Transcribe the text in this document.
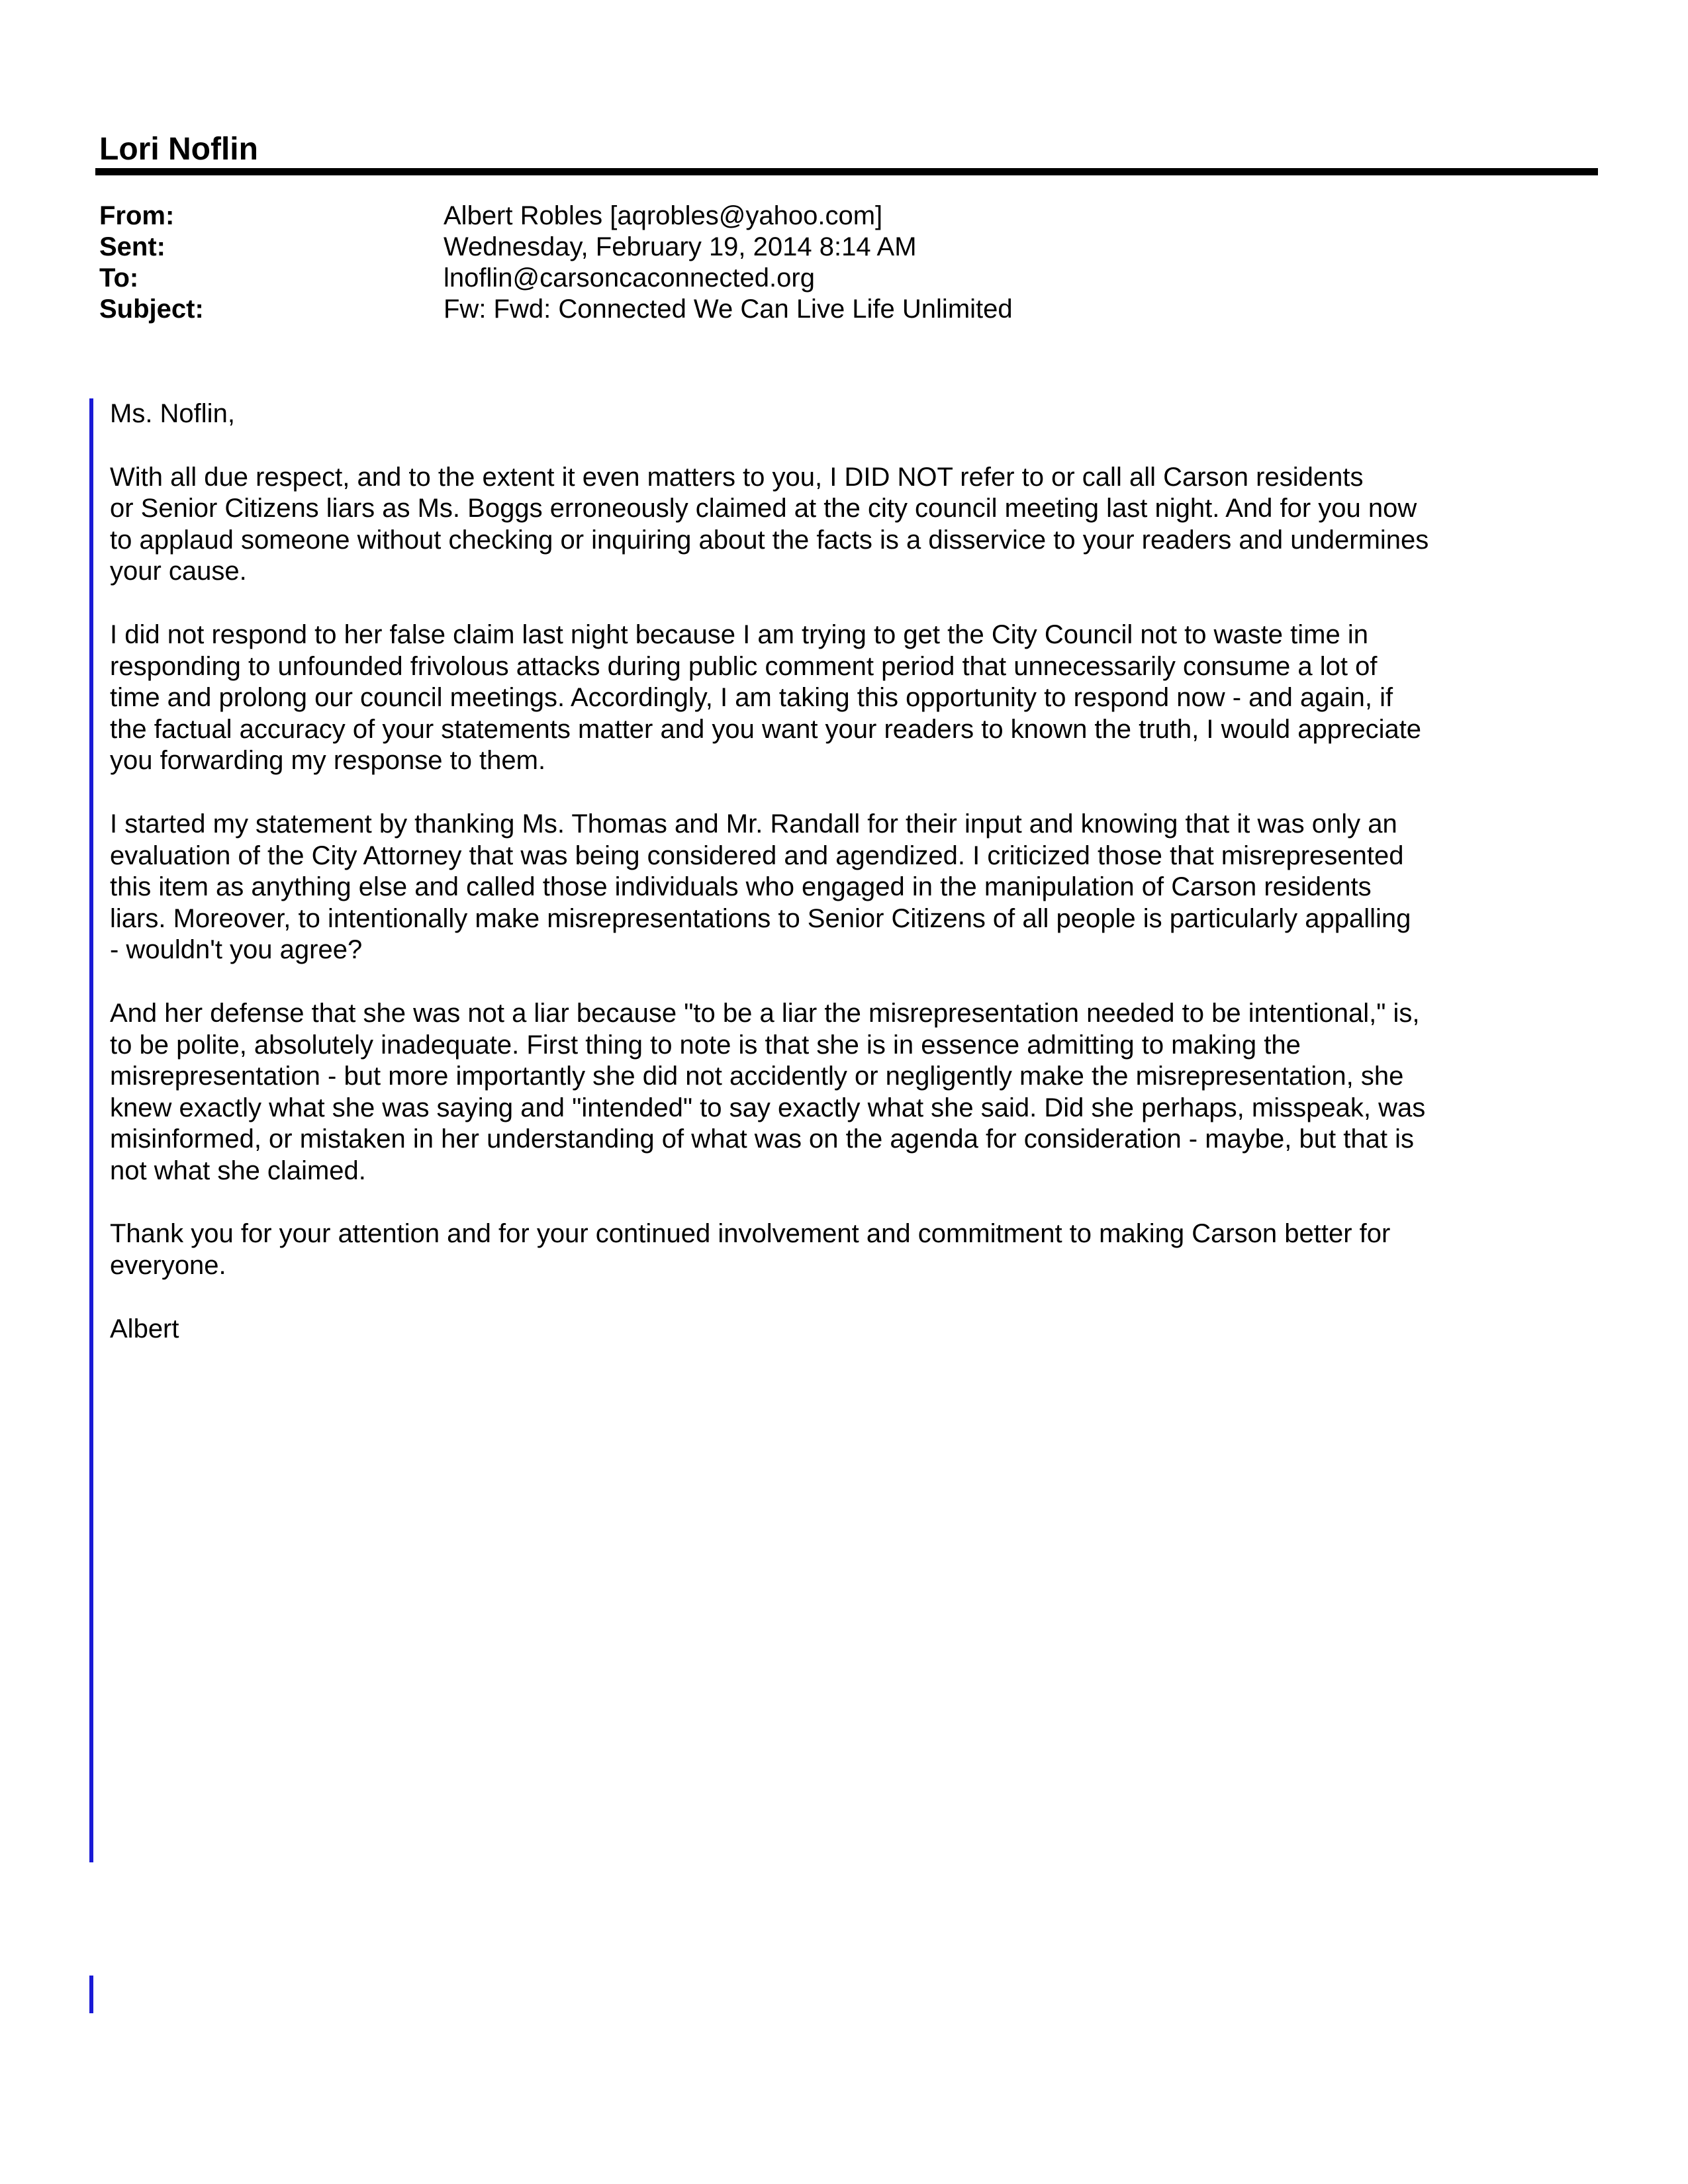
Lori Noflin
From:	Albert Robles [aqrobles@yahoo.com]
Sent:	Wednesday, February 19, 2014 8:14 AM
To:	lnoflin@carsoncaconnected.org
Subject:	Fw: Fwd: Connected We Can Live Life Unlimited

Ms. Noflin,

With all due respect, and to the extent it even matters to you, I DID NOT refer to or call all Carson residents
or Senior Citizens liars as Ms. Boggs erroneously claimed at the city council meeting last night. And for you now
to applaud someone without checking or inquiring about the facts is a disservice to your readers and undermines
your cause.

I did not respond to her false claim last night because I am trying to get the City Council not to waste time in
responding to unfounded frivolous attacks during public comment period that unnecessarily consume a lot of
time and prolong our council meetings. Accordingly, I am taking this opportunity to respond now - and again, if
the factual accuracy of your statements matter and you want your readers to known the truth, I would appreciate
you forwarding my response to them.

I started my statement by thanking Ms. Thomas and Mr. Randall for their input and knowing that it was only an
evaluation of the City Attorney that was being considered and agendized. I criticized those that misrepresented
this item as anything else and called those individuals who engaged in the manipulation of Carson residents
liars. Moreover, to intentionally make misrepresentations to Senior Citizens of all people is particularly appalling
- wouldn't you agree?

And her defense that she was not a liar because "to be a liar the misrepresentation needed to be intentional," is,
to be polite, absolutely inadequate. First thing to note is that she is in essence admitting to making the
misrepresentation - but more importantly she did not accidently or negligently make the misrepresentation, she
knew exactly what she was saying and "intended" to say exactly what she said. Did she perhaps, misspeak, was
misinformed, or mistaken in her understanding of what was on the agenda for consideration - maybe, but that is
not what she claimed.

Thank you for your attention and for your continued involvement and commitment to making Carson better for
everyone.

Albert
